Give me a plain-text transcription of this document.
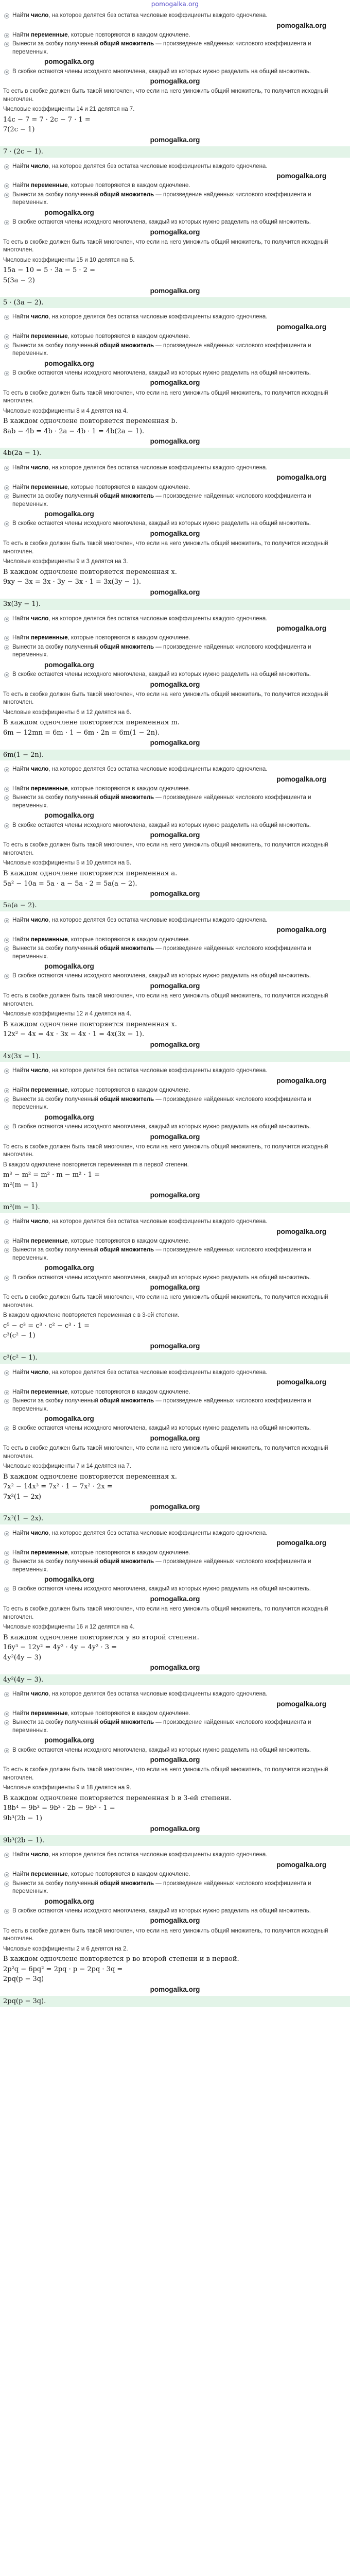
pomogalka.org
Найти число, на которое делятся без остатка числовые коэффициенты каждого одночлена.
pomogalka.org
Найти переменные, которые повторяются в каждом одночлене.
Вынести за скобку полученный общий множитель — произведение найденных числового коэффициента и переменных.
pomogalka.org
В скобке остаются члены исходного многочлена, каждый из которых нужно разделить на общий множитель.
pomogalka.org
То есть в скобке должен быть такой многочлен, что если на него умножить общий множитель, то получится исходный многочлен.
Числовые коэффициенты 14 и 21 делятся на 7.
14c − 7 = 7 · 2c − 7 · 1 =
7(2c − 1)
pomogalka.org
7 · (2c − 1).
Найти число, на которое делятся без остатка числовые коэффициенты каждого одночлена.
pomogalka.org
Найти переменные, которые повторяются в каждом одночлене.
Вынести за скобку полученный общий множитель — произведение найденных числового коэффициента и переменных.
pomogalka.org
В скобке остаются члены исходного многочлена, каждый из которых нужно разделить на общий множитель.
pomogalka.org
То есть в скобке должен быть такой многочлен, что если на него умножить общий множитель, то получится исходный многочлен.
Числовые коэффициенты 15 и 10 делятся на 5.
15a − 10 = 5 · 3a − 5 · 2 =
5(3a − 2)
pomogalka.org
5 · (3a − 2).
Найти число, на которое делятся без остатка числовые коэффициенты каждого одночлена.
pomogalka.org
Найти переменные, которые повторяются в каждом одночлене.
Вынести за скобку полученный общий множитель — произведение найденных числового коэффициента и переменных.
pomogalka.org
В скобке остаются члены исходного многочлена, каждый из которых нужно разделить на общий множитель.
pomogalka.org
То есть в скобке должен быть такой многочлен, что если на него умножить общий множитель, то получится исходный многочлен.
Числовые коэффициенты 8 и 4 делятся на 4.
В каждом одночлене повторяется переменная b.
8ab − 4b = 4b · 2a − 4b · 1 = 4b(2a − 1).
pomogalka.org
4b(2a − 1).
Найти число, на которое делятся без остатка числовые коэффициенты каждого одночлена.
pomogalka.org
Найти переменные, которые повторяются в каждом одночлене.
Вынести за скобку полученный общий множитель — произведение найденных числового коэффициента и переменных.
pomogalka.org
В скобке остаются члены исходного многочлена, каждый из которых нужно разделить на общий множитель.
pomogalka.org
То есть в скобке должен быть такой многочлен, что если на него умножить общий множитель, то получится исходный многочлен.
Числовые коэффициенты 9 и 3 делятся на 3.
В каждом одночлене повторяется переменная x.
9xy − 3x = 3x · 3y − 3x · 1 = 3x(3y − 1).
pomogalka.org
3x(3y − 1).
Найти число, на которое делятся без остатка числовые коэффициенты каждого одночлена.
pomogalka.org
Найти переменные, которые повторяются в каждом одночлене.
Вынести за скобку полученный общий множитель — произведение найденных числового коэффициента и переменных.
pomogalka.org
В скобке остаются члены исходного многочлена, каждый из которых нужно разделить на общий множитель.
pomogalka.org
То есть в скобке должен быть такой многочлен, что если на него умножить общий множитель, то получится исходный многочлен.
Числовые коэффициенты 6 и 12 делятся на 6.
В каждом одночлене повторяется переменная m.
6m − 12mn = 6m · 1 − 6m · 2n = 6m(1 − 2n).
pomogalka.org
6m(1 − 2n).
Найти число, на которое делятся без остатка числовые коэффициенты каждого одночлена.
pomogalka.org
Найти переменные, которые повторяются в каждом одночлене.
Вынести за скобку полученный общий множитель — произведение найденных числового коэффициента и переменных.
pomogalka.org
В скобке остаются члены исходного многочлена, каждый из которых нужно разделить на общий множитель.
pomogalka.org
То есть в скобке должен быть такой многочлен, что если на него умножить общий множитель, то получится исходный многочлен.
Числовые коэффициенты 5 и 10 делятся на 5.
В каждом одночлене повторяется переменная a.
5a² − 10a = 5a · a − 5a · 2 = 5a(a − 2).
pomogalka.org
5a(a − 2).
Найти число, на которое делятся без остатка числовые коэффициенты каждого одночлена.
pomogalka.org
Найти переменные, которые повторяются в каждом одночлене.
Вынести за скобку полученный общий множитель — произведение найденных числового коэффициента и переменных.
pomogalka.org
В скобке остаются члены исходного многочлена, каждый из которых нужно разделить на общий множитель.
pomogalka.org
То есть в скобке должен быть такой многочлен, что если на него умножить общий множитель, то получится исходный многочлен.
Числовые коэффициенты 12 и 4 делятся на 4.
В каждом одночлене повторяется переменная x.
12x² − 4x = 4x · 3x − 4x · 1 = 4x(3x − 1).
pomogalka.org
4x(3x − 1).
Найти число, на которое делятся без остатка числовые коэффициенты каждого одночлена.
pomogalka.org
Найти переменные, которые повторяются в каждом одночлене.
Вынести за скобку полученный общий множитель — произведение найденных числового коэффициента и переменных.
pomogalka.org
В скобке остаются члены исходного многочлена, каждый из которых нужно разделить на общий множитель.
pomogalka.org
То есть в скобке должен быть такой многочлен, что если на него умножить общий множитель, то получится исходный многочлен.
В каждом одночлене повторяется переменная m в первой степени.
m³ − m² = m² · m − m² · 1 =
m²(m − 1)
pomogalka.org
m²(m − 1).
Найти число, на которое делятся без остатка числовые коэффициенты каждого одночлена.
pomogalka.org
Найти переменные, которые повторяются в каждом одночлене.
Вынести за скобку полученный общий множитель — произведение найденных числового коэффициента и переменных.
pomogalka.org
В скобке остаются члены исходного многочлена, каждый из которых нужно разделить на общий множитель.
pomogalka.org
То есть в скобке должен быть такой многочлен, что если на него умножить общий множитель, то получится исходный многочлен.
В каждом одночлене повторяется переменная c в 3-ей степени.
c⁵ − c³ = c³ · c² − c³ · 1 =
c³(c² − 1)
pomogalka.org
c³(c² − 1).
Найти число, на которое делятся без остатка числовые коэффициенты каждого одночлена.
pomogalka.org
Найти переменные, которые повторяются в каждом одночлене.
Вынести за скобку полученный общий множитель — произведение найденных числового коэффициента и переменных.
pomogalka.org
В скобке остаются члены исходного многочлена, каждый из которых нужно разделить на общий множитель.
pomogalka.org
То есть в скобке должен быть такой многочлен, что если на него умножить общий множитель, то получится исходный многочлен.
Числовые коэффициенты 7 и 14 делятся на 7.
В каждом одночлене повторяется переменная x.
7x² − 14x³ = 7x² · 1 − 7x² · 2x =
7x²(1 − 2x)
pomogalka.org
7x²(1 − 2x).
Найти число, на которое делятся без остатка числовые коэффициенты каждого одночлена.
pomogalka.org
Найти переменные, которые повторяются в каждом одночлене.
Вынести за скобку полученный общий множитель — произведение найденных числового коэффициента и переменных.
pomogalka.org
В скобке остаются члены исходного многочлена, каждый из которых нужно разделить на общий множитель.
pomogalka.org
То есть в скобке должен быть такой многочлен, что если на него умножить общий множитель, то получится исходный многочлен.
Числовые коэффициенты 16 и 12 делятся на 4.
В каждом одночлене повторяется y во второй степени.
16y³ − 12y² = 4y² · 4y − 4y² · 3 =
4y²(4y − 3)
pomogalka.org
4y²(4y − 3).
Найти число, на которое делятся без остатка числовые коэффициенты каждого одночлена.
pomogalka.org
Найти переменные, которые повторяются в каждом одночлене.
Вынести за скобку полученный общий множитель — произведение найденных числового коэффициента и переменных.
pomogalka.org
В скобке остаются члены исходного многочлена, каждый из которых нужно разделить на общий множитель.
pomogalka.org
То есть в скобке должен быть такой многочлен, что если на него умножить общий множитель, то получится исходный многочлен.
Числовые коэффициенты 9 и 18 делятся на 9.
В каждом одночлене повторяется переменная b в 3-ей степени.
18b⁴ − 9b³ = 9b³ · 2b − 9b³ · 1 =
9b³(2b − 1)
pomogalka.org
9b³(2b − 1).
Найти число, на которое делятся без остатка числовые коэффициенты каждого одночлена.
pomogalka.org
Найти переменные, которые повторяются в каждом одночлене.
Вынести за скобку полученный общий множитель — произведение найденных числового коэффициента и переменных.
pomogalka.org
В скобке остаются члены исходного многочлена, каждый из которых нужно разделить на общий множитель.
pomogalka.org
То есть в скобке должен быть такой многочлен, что если на него умножить общий множитель, то получится исходный многочлен.
Числовые коэффициенты 2 и 6 делятся на 2.
В каждом одночлене повторяется p во второй степени и в первой.
2p²q − 6pq² = 2pq · p − 2pq · 3q =
2pq(p − 3q)
pomogalka.org
2pq(p − 3q).
